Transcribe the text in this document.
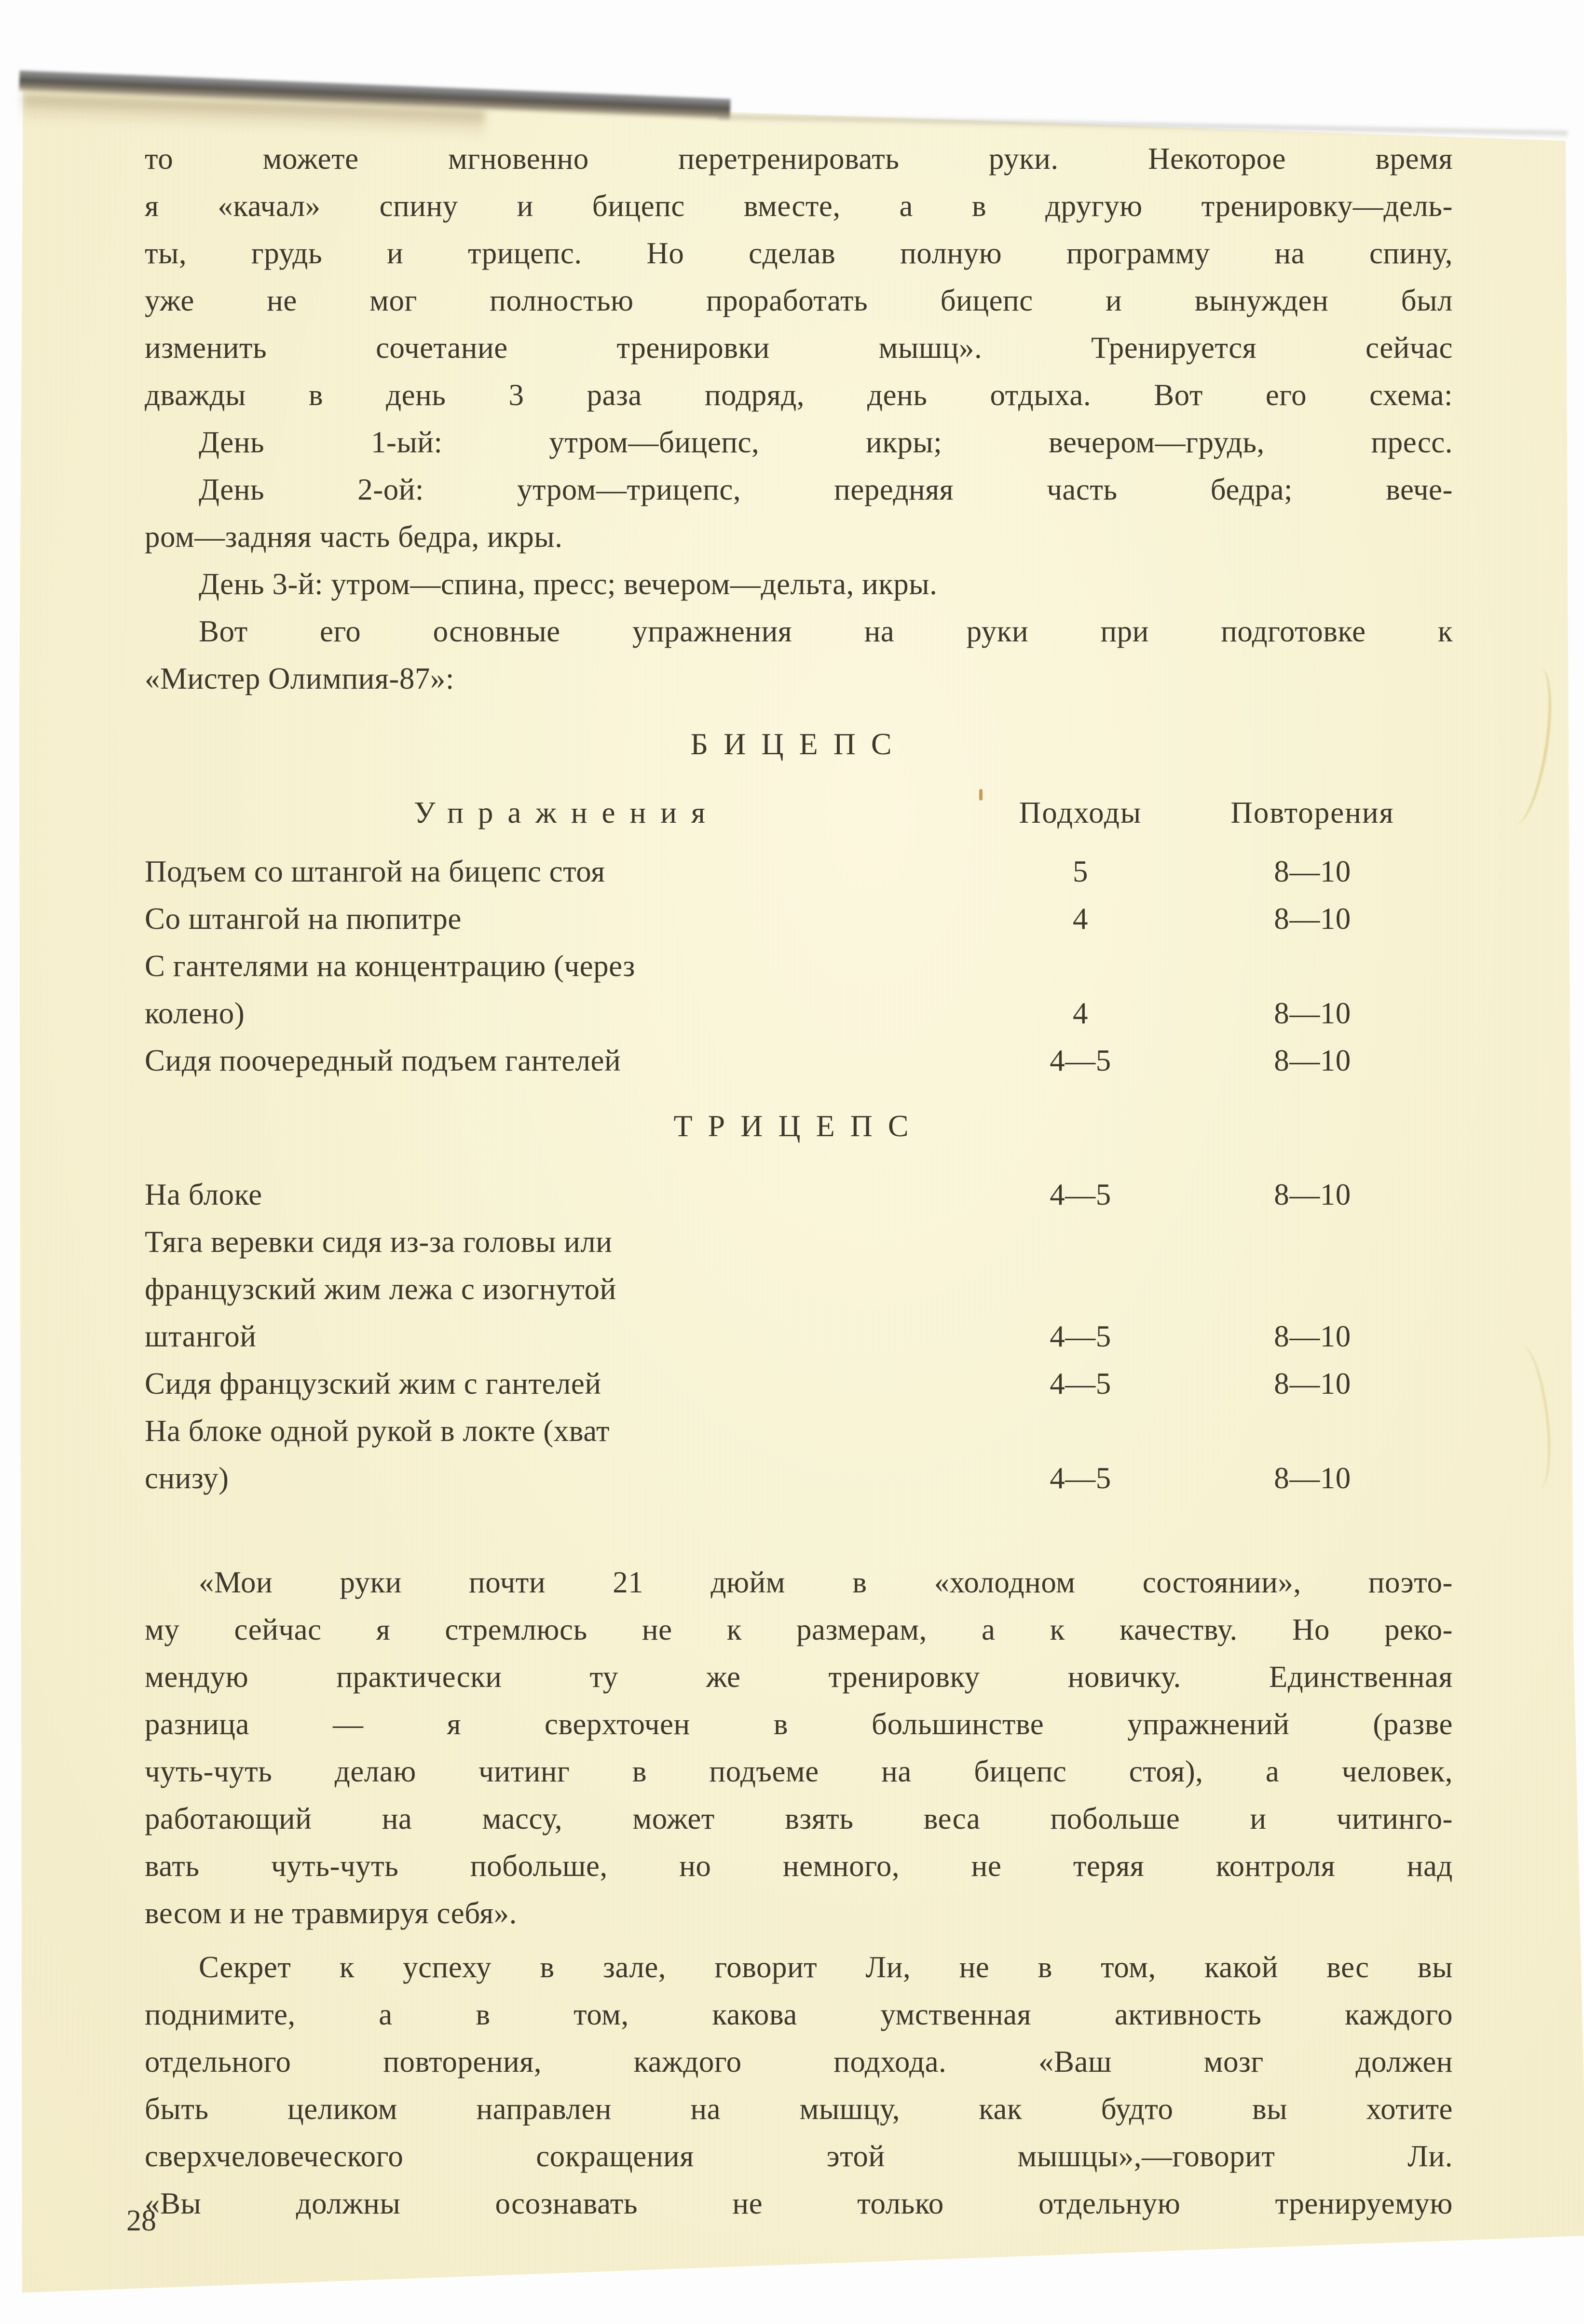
то можете мгновенно перетренировать руки. Некоторое время
я «качал» спину и бицепс вместе, а в другую тренировку—дель-
ты, грудь и трицепс. Но сделав полную программу на спину,
уже не мог полностью проработать бицепс и вынужден был
изменить сочетание тренировки мышц». Тренируется сейчас
дважды в день 3 раза подряд, день отдыха. Вот его схема:
День 1-ый: утром—бицепс, икры; вечером—грудь, пресс.
День 2-ой: утром—трицепс, передняя часть бедра; вече-
ром—задняя часть бедра, икры.
День 3-й: утром—спина, пресс; вечером—дельта, икры.
Вот его основные упражнения на руки при подготовке к
«Мистер Олимпия-87»:
БИЦЕПС
Упражнения	Подходы	Повторения
Подъем со штангой на бицепс стоя	5	8—10
Со штангой на пюпитре	4	8—10
С гантелями на концентрацию (через
колено)	4	8—10
Сидя поочередный подъем гантелей	4—5	8—10
ТРИЦЕПС
На блоке	4—5	8—10
Тяга веревки сидя из-за головы или
французский жим лежа с изогнутой
штангой	4—5	8—10
Сидя французский жим с гантелей	4—5	8—10
На блоке одной рукой в локте (хват
снизу)	4—5	8—10
«Мои руки почти 21 дюйм в «холодном состоянии», поэто-
му сейчас я стремлюсь не к размерам, а к качеству. Но реко-
мендую практически ту же тренировку новичку. Единственная
разница — я сверхточен в большинстве упражнений (разве
чуть-чуть делаю читинг в подъеме на бицепс стоя), а человек,
работающий на массу, может взять веса побольше и читинго-
вать чуть-чуть побольше, но немного, не теряя контроля над
весом и не травмируя себя».
Секрет к успеху в зале, говорит Ли, не в том, какой вес вы
поднимите, а в том, какова умственная активность каждого
отдельного повторения, каждого подхода. «Ваш мозг должен
быть целиком направлен на мышцу, как будто вы хотите
сверхчеловеческого сокращения этой мышцы»,—говорит Ли.
«Вы должны осознавать не только отдельную тренируемую
28
